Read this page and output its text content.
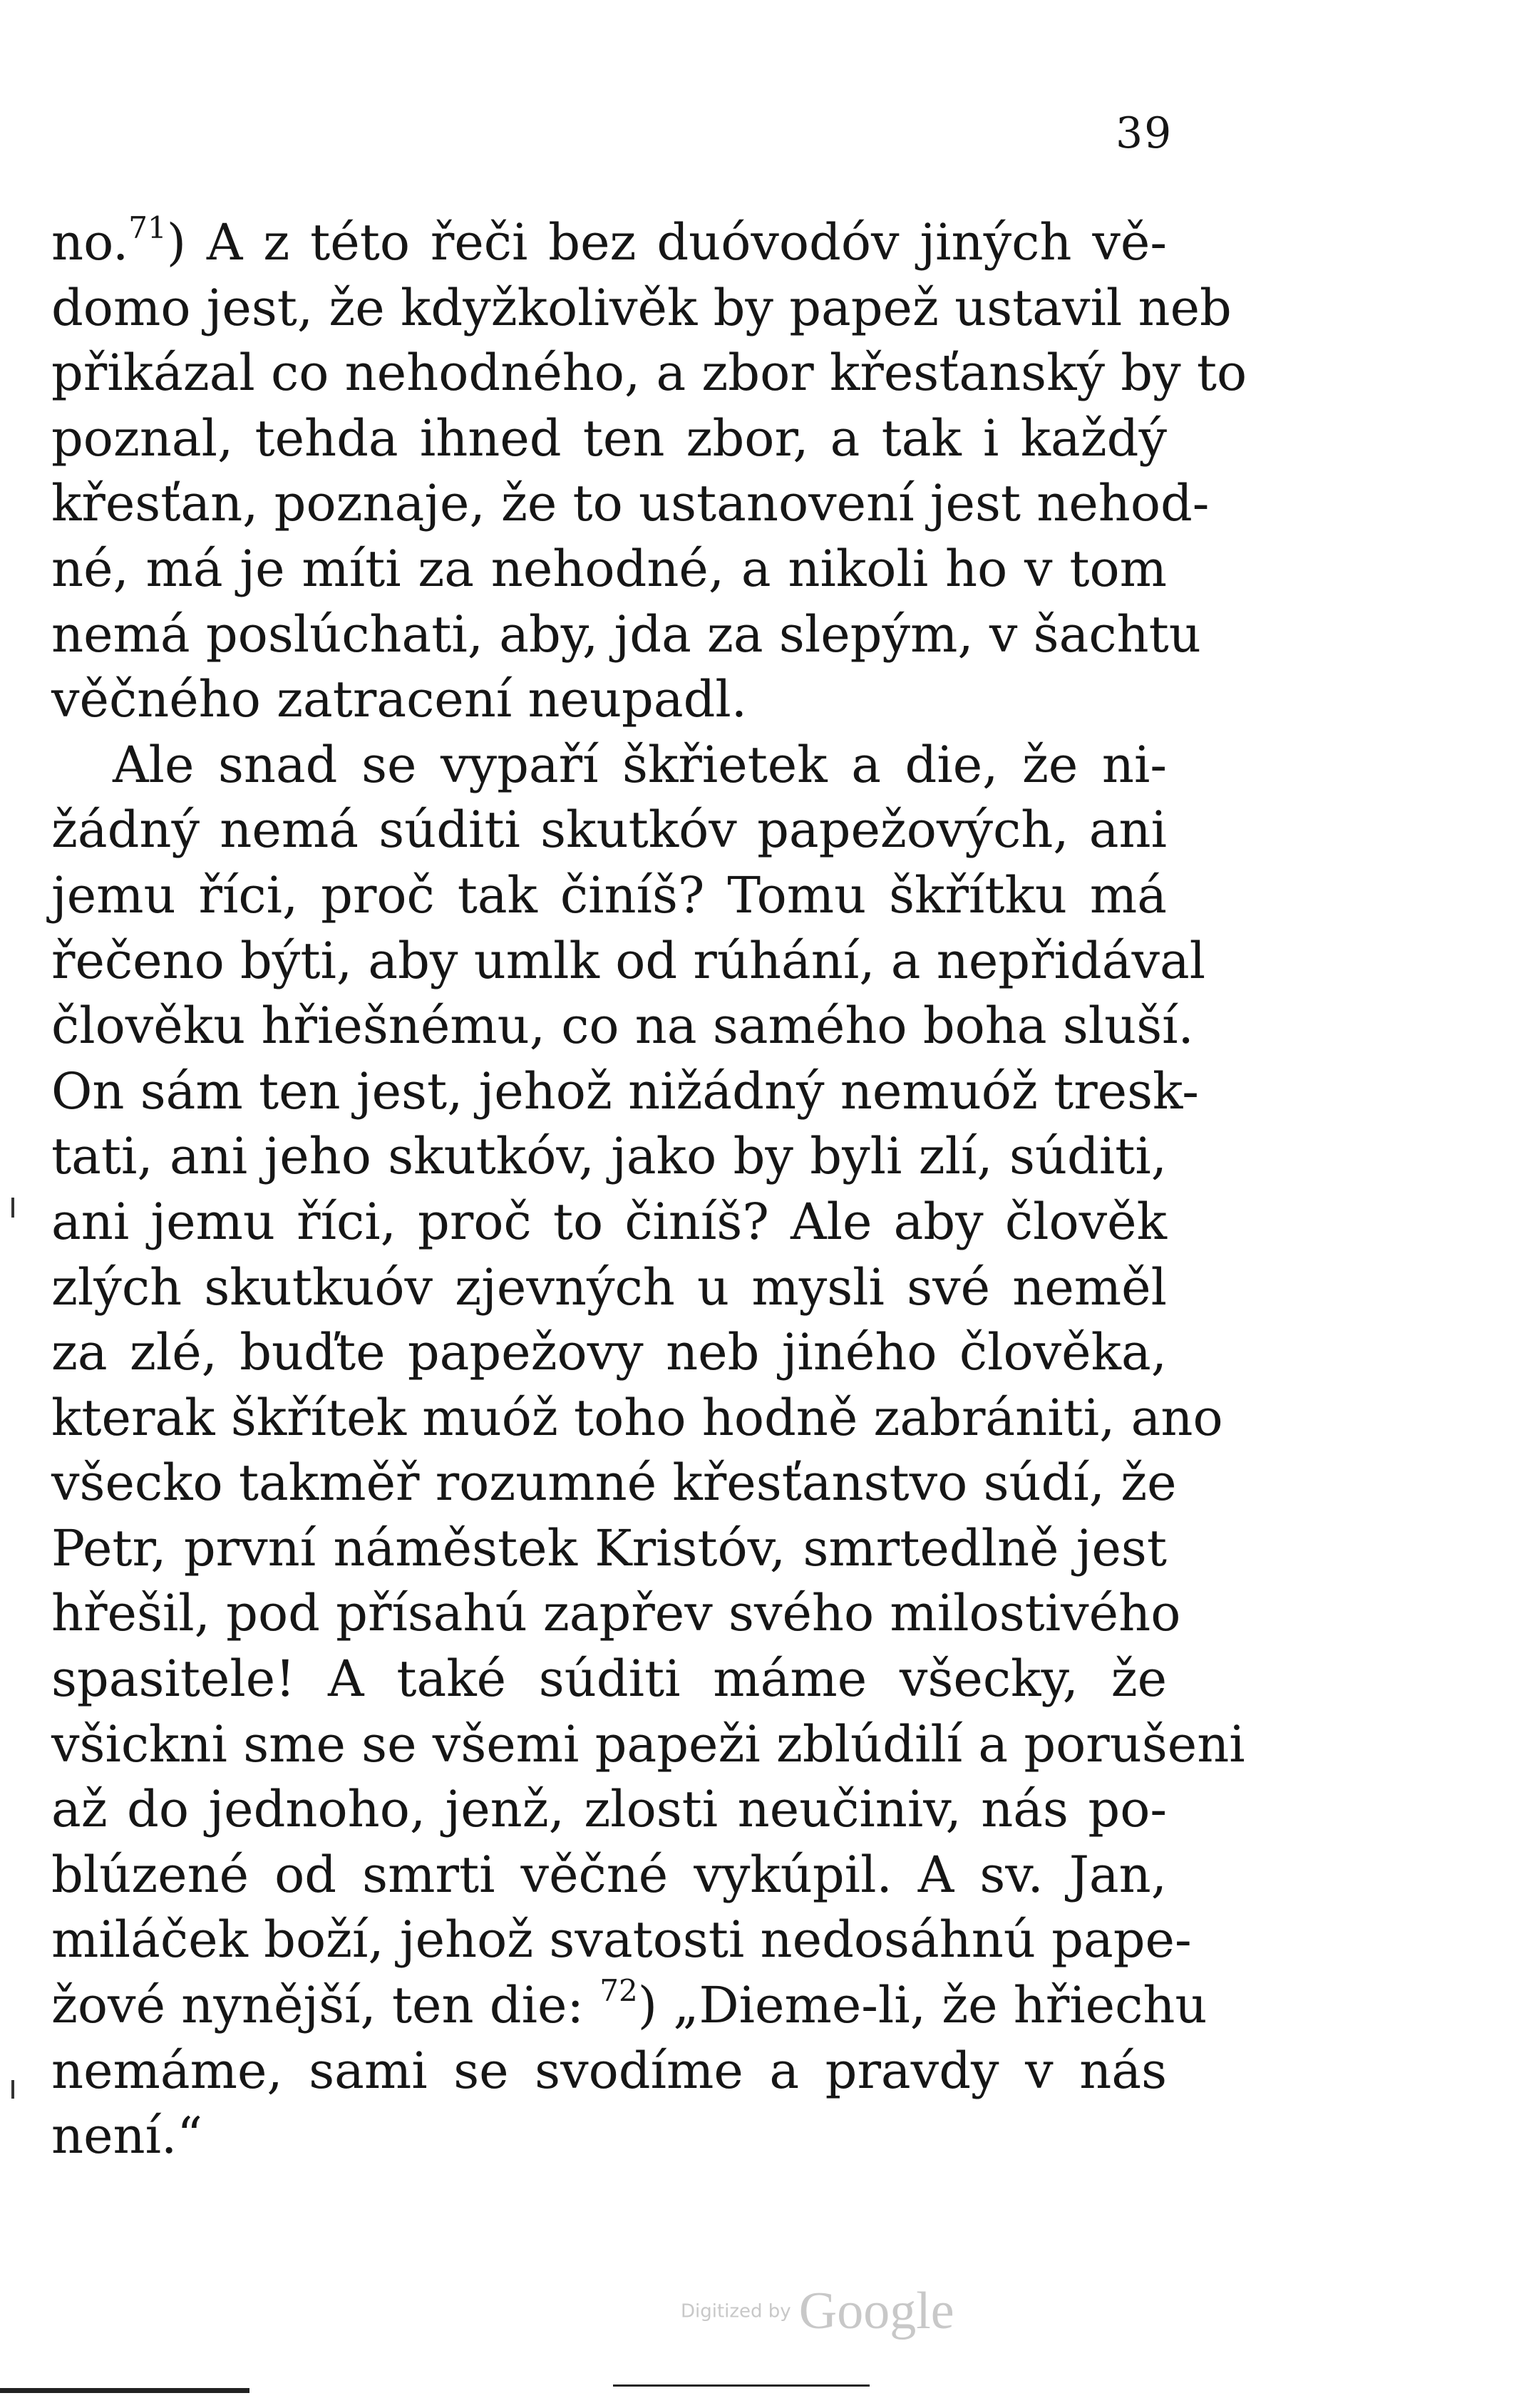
39
no.$^{71}$) A z této řeči bez duóvodóv jiných vě-
domo jest, že kdyžkolivěk by papež ustavil neb
přikázal co nehodného, a zbor křesťanský by to
poznal, tehda ihned ten zbor, a tak i každý
křesťan, poznaje, že to ustanovení jest nehod-
né, má je míti za nehodné, a nikoli ho v tom
nemá poslúchati, aby, jda za slepým, v šachtu
věčného zatracení neupadl.
Ale snad se vypaří škřietek a die, že ni-
žádný nemá súditi skutkóv papežových, ani
jemu říci, proč tak činíš? Tomu škřítku má
řečeno býti, aby umlk od rúhání, a nepřidával
člověku hřiešnému, co na samého boha sluší.
On sám ten jest, jehož nižádný nemuóž tresk-
tati, ani jeho skutkóv, jako by byli zlí, súditi,
ani jemu říci, proč to činíš? Ale aby člověk
zlých skutkuóv zjevných u mysli své neměl
za zlé, buďte papežovy neb jiného člověka,
kterak škřítek muóž toho hodně zabrániti, ano
všecko takměř rozumné křesťanstvo súdí, že
Petr, první náměstek Kristóv, smrtedlně jest
hřešil, pod přísahú zapřev svého milostivého
spasitele! A také súditi máme všecky, že
všickni sme se všemi papeži zblúdilí a porušeni
až do jednoho, jenž, zlosti neučiniv, nás po-
blúzené od smrti věčné vykúpil. A sv. Jan,
miláček boží, jehož svatosti nedosáhnú pape-
žové nynější, ten die: $^{72}$) „Dieme-li, že hřiechu
nemáme, sami se svodíme a pravdy v nás
není.“
Digitized by Google
